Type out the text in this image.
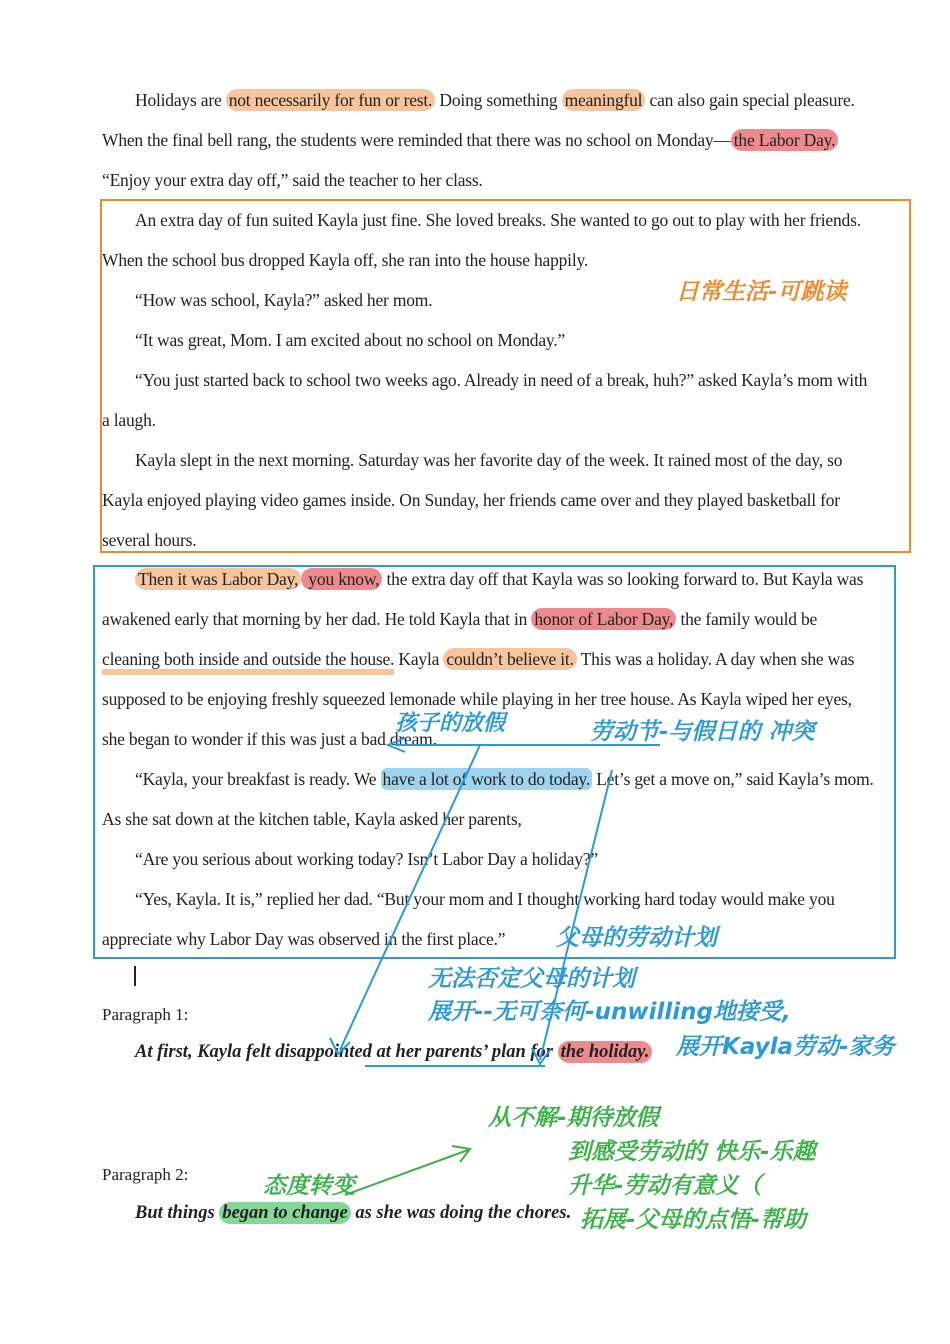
Holidays are not necessarily for fun or rest. Doing something meaningful can also gain special pleasure.
When the final bell rang, the students were reminded that there was no school on Monday— the Labor Day.
“Enjoy your extra day off,” said the teacher to her class.
An extra day of fun suited Kayla just fine. She loved breaks. She wanted to go out to play with her friends.
When the school bus dropped Kayla off, she ran into the house happily.
“How was school, Kayla?” asked her mom.
“It was great, Mom. I am excited about no school on Monday.”
“You just started back to school two weeks ago. Already in need of a break, huh?” asked Kayla’s mom with
a laugh.
Kayla slept in the next morning. Saturday was her favorite day of the week. It rained most of the day, so
Kayla enjoyed playing video games inside. On Sunday, her friends came over and they played basketball for
several hours.
日常生活-可跳读
Then it was Labor Day, you know, the extra day off that Kayla was so looking forward to. But Kayla was
awakened early that morning by her dad. He told Kayla that in honor of Labor Day, the family would be
cleaning both inside and outside the house. Kayla couldn’t believe it. This was a holiday. A day when she was
supposed to be enjoying freshly squeezed lemonade while playing in her tree house. As Kayla wiped her eyes,
she began to wonder if this was just a bad dream.
“Kayla, your breakfast is ready. We have a lot of work to do today. Let’s get a move on,” said Kayla’s mom.
As she sat down at the kitchen table, Kayla asked her parents,
“Are you serious about working today? Isn’t Labor Day a holiday?”
“Yes, Kayla. It is,” replied her dad. “But your mom and I thought working hard today would make you
appreciate why Labor Day was observed in the first place.”
孩子的放假	劳动节-与假日的 冲突
父母的劳动计划
无法否定父母的计划
展开--无可奈何-unwilling地接受,
展开Kayla劳动-家务
Paragraph 1:
At first, Kayla felt disappointed at her parents’ plan for the holiday.
从不解-期待放假
到感受劳动的 快乐-乐趣
升华-劳动有意义（
拓展-父母的点悟-帮助
态度转变
Paragraph 2:
But things began to change as she was doing the chores.
